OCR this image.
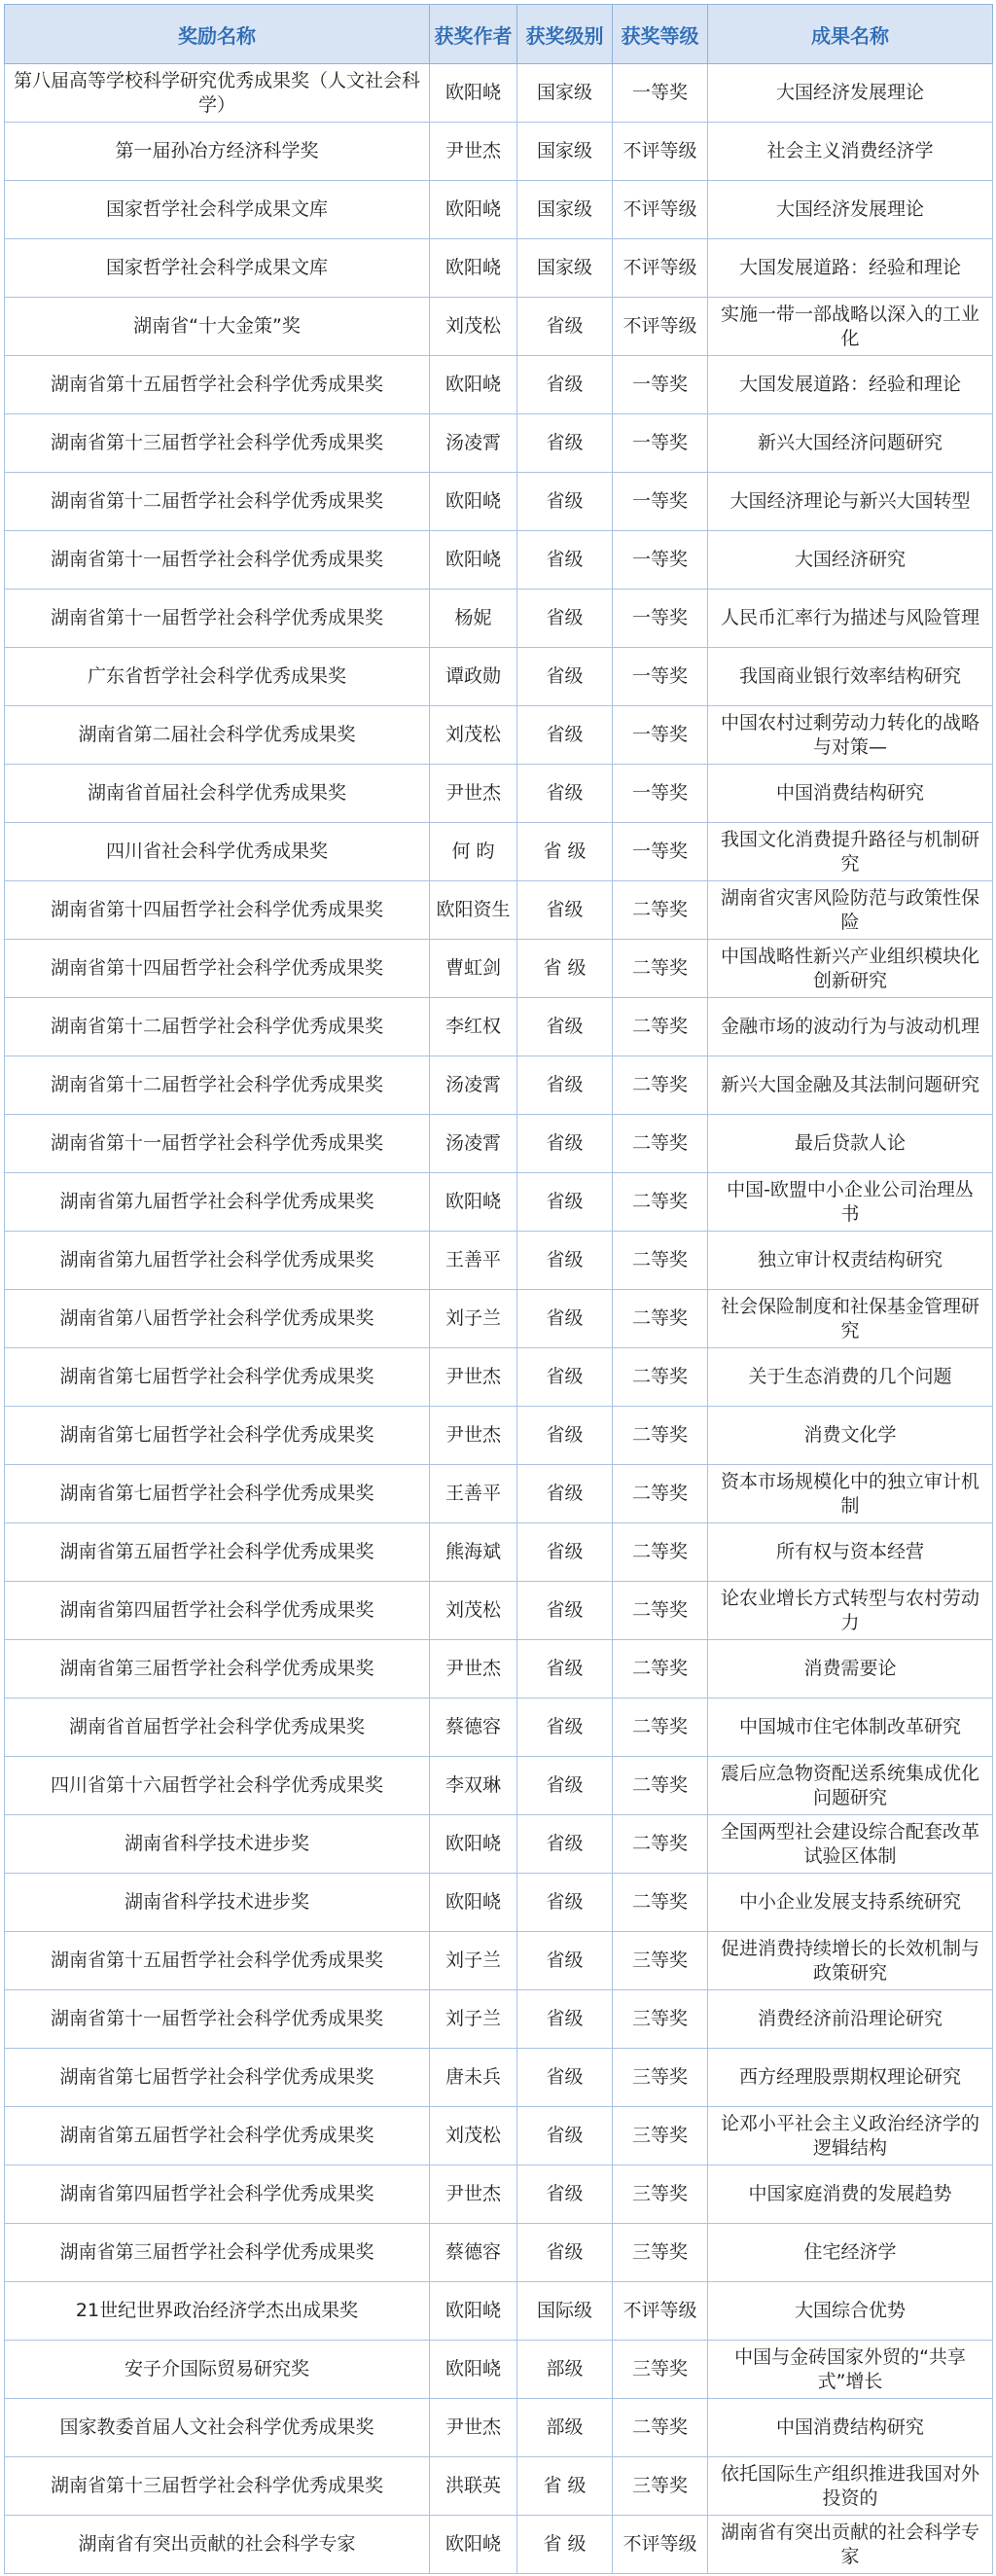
奖励名称	获奖作者	获奖级别	获奖等级	成果名称
第八届高等学校科学研究优秀成果奖（人文社会科学）	欧阳峣	国家级	一等奖	大国经济发展理论
第一届孙冶方经济科学奖	尹世杰	国家级	不评等级	社会主义消费经济学
国家哲学社会科学成果文库	欧阳峣	国家级	不评等级	大国经济发展理论
国家哲学社会科学成果文库	欧阳峣	国家级	不评等级	大国发展道路：经验和理论
湖南省“十大金策”奖	刘茂松	省级	不评等级	实施一带一部战略以深入的工业化
湖南省第十五届哲学社会科学优秀成果奖	欧阳峣	省级	一等奖	大国发展道路：经验和理论
湖南省第十三届哲学社会科学优秀成果奖	汤凌霄	省级	一等奖	新兴大国经济问题研究
湖南省第十二届哲学社会科学优秀成果奖	欧阳峣	省级	一等奖	大国经济理论与新兴大国转型
湖南省第十一届哲学社会科学优秀成果奖	欧阳峣	省级	一等奖	大国经济研究
湖南省第十一届哲学社会科学优秀成果奖	杨妮	省级	一等奖	人民币汇率行为描述与风险管理
广东省哲学社会科学优秀成果奖	谭政勋	省级	一等奖	我国商业银行效率结构研究
湖南省第二届社会科学优秀成果奖	刘茂松	省级	一等奖	中国农村过剩劳动力转化的战略与对策—
湖南省首届社会科学优秀成果奖	尹世杰	省级	一等奖	中国消费结构研究
四川省社会科学优秀成果奖	何 昀	省 级	一等奖	我国文化消费提升路径与机制研究
湖南省第十四届哲学社会科学优秀成果奖	欧阳资生	省级	二等奖	湖南省灾害风险防范与政策性保险
湖南省第十四届哲学社会科学优秀成果奖	曹虹剑	省 级	二等奖	中国战略性新兴产业组织模块化创新研究
湖南省第十二届哲学社会科学优秀成果奖	李红权	省级	二等奖	金融市场的波动行为与波动机理
湖南省第十二届哲学社会科学优秀成果奖	汤凌霄	省级	二等奖	新兴大国金融及其法制问题研究
湖南省第十一届哲学社会科学优秀成果奖	汤凌霄	省级	二等奖	最后贷款人论
湖南省第九届哲学社会科学优秀成果奖	欧阳峣	省级	二等奖	中国-欧盟中小企业公司治理丛书
湖南省第九届哲学社会科学优秀成果奖	王善平	省级	二等奖	独立审计权责结构研究
湖南省第八届哲学社会科学优秀成果奖	刘子兰	省级	二等奖	社会保险制度和社保基金管理研究
湖南省第七届哲学社会科学优秀成果奖	尹世杰	省级	二等奖	关于生态消费的几个问题
湖南省第七届哲学社会科学优秀成果奖	尹世杰	省级	二等奖	消费文化学
湖南省第七届哲学社会科学优秀成果奖	王善平	省级	二等奖	资本市场规模化中的独立审计机制
湖南省第五届哲学社会科学优秀成果奖	熊海斌	省级	二等奖	所有权与资本经营
湖南省第四届哲学社会科学优秀成果奖	刘茂松	省级	二等奖	论农业增长方式转型与农村劳动力
湖南省第三届哲学社会科学优秀成果奖	尹世杰	省级	二等奖	消费需要论
湖南省首届哲学社会科学优秀成果奖	蔡德容	省级	二等奖	中国城市住宅体制改革研究
四川省第十六届哲学社会科学优秀成果奖	李双琳	省级	二等奖	震后应急物资配送系统集成优化问题研究
湖南省科学技术进步奖	欧阳峣	省级	二等奖	全国两型社会建设综合配套改革试验区体制
湖南省科学技术进步奖	欧阳峣	省级	二等奖	中小企业发展支持系统研究
湖南省第十五届哲学社会科学优秀成果奖	刘子兰	省级	三等奖	促进消费持续增长的长效机制与政策研究
湖南省第十一届哲学社会科学优秀成果奖	刘子兰	省级	三等奖	消费经济前沿理论研究
湖南省第七届哲学社会科学优秀成果奖	唐未兵	省级	三等奖	西方经理股票期权理论研究
湖南省第五届哲学社会科学优秀成果奖	刘茂松	省级	三等奖	论邓小平社会主义政治经济学的逻辑结构
湖南省第四届哲学社会科学优秀成果奖	尹世杰	省级	三等奖	中国家庭消费的发展趋势
湖南省第三届哲学社会科学优秀成果奖	蔡德容	省级	三等奖	住宅经济学
21世纪世界政治经济学杰出成果奖	欧阳峣	国际级	不评等级	大国综合优势
安子介国际贸易研究奖	欧阳峣	部级	三等奖	中国与金砖国家外贸的“共享式”增长
国家教委首届人文社会科学优秀成果奖	尹世杰	部级	二等奖	中国消费结构研究
湖南省第十三届哲学社会科学优秀成果奖	洪联英	省 级	三等奖	依托国际生产组织推进我国对外投资的
湖南省有突出贡献的社会科学专家	欧阳峣	省 级	不评等级	湖南省有突出贡献的社会科学专家
